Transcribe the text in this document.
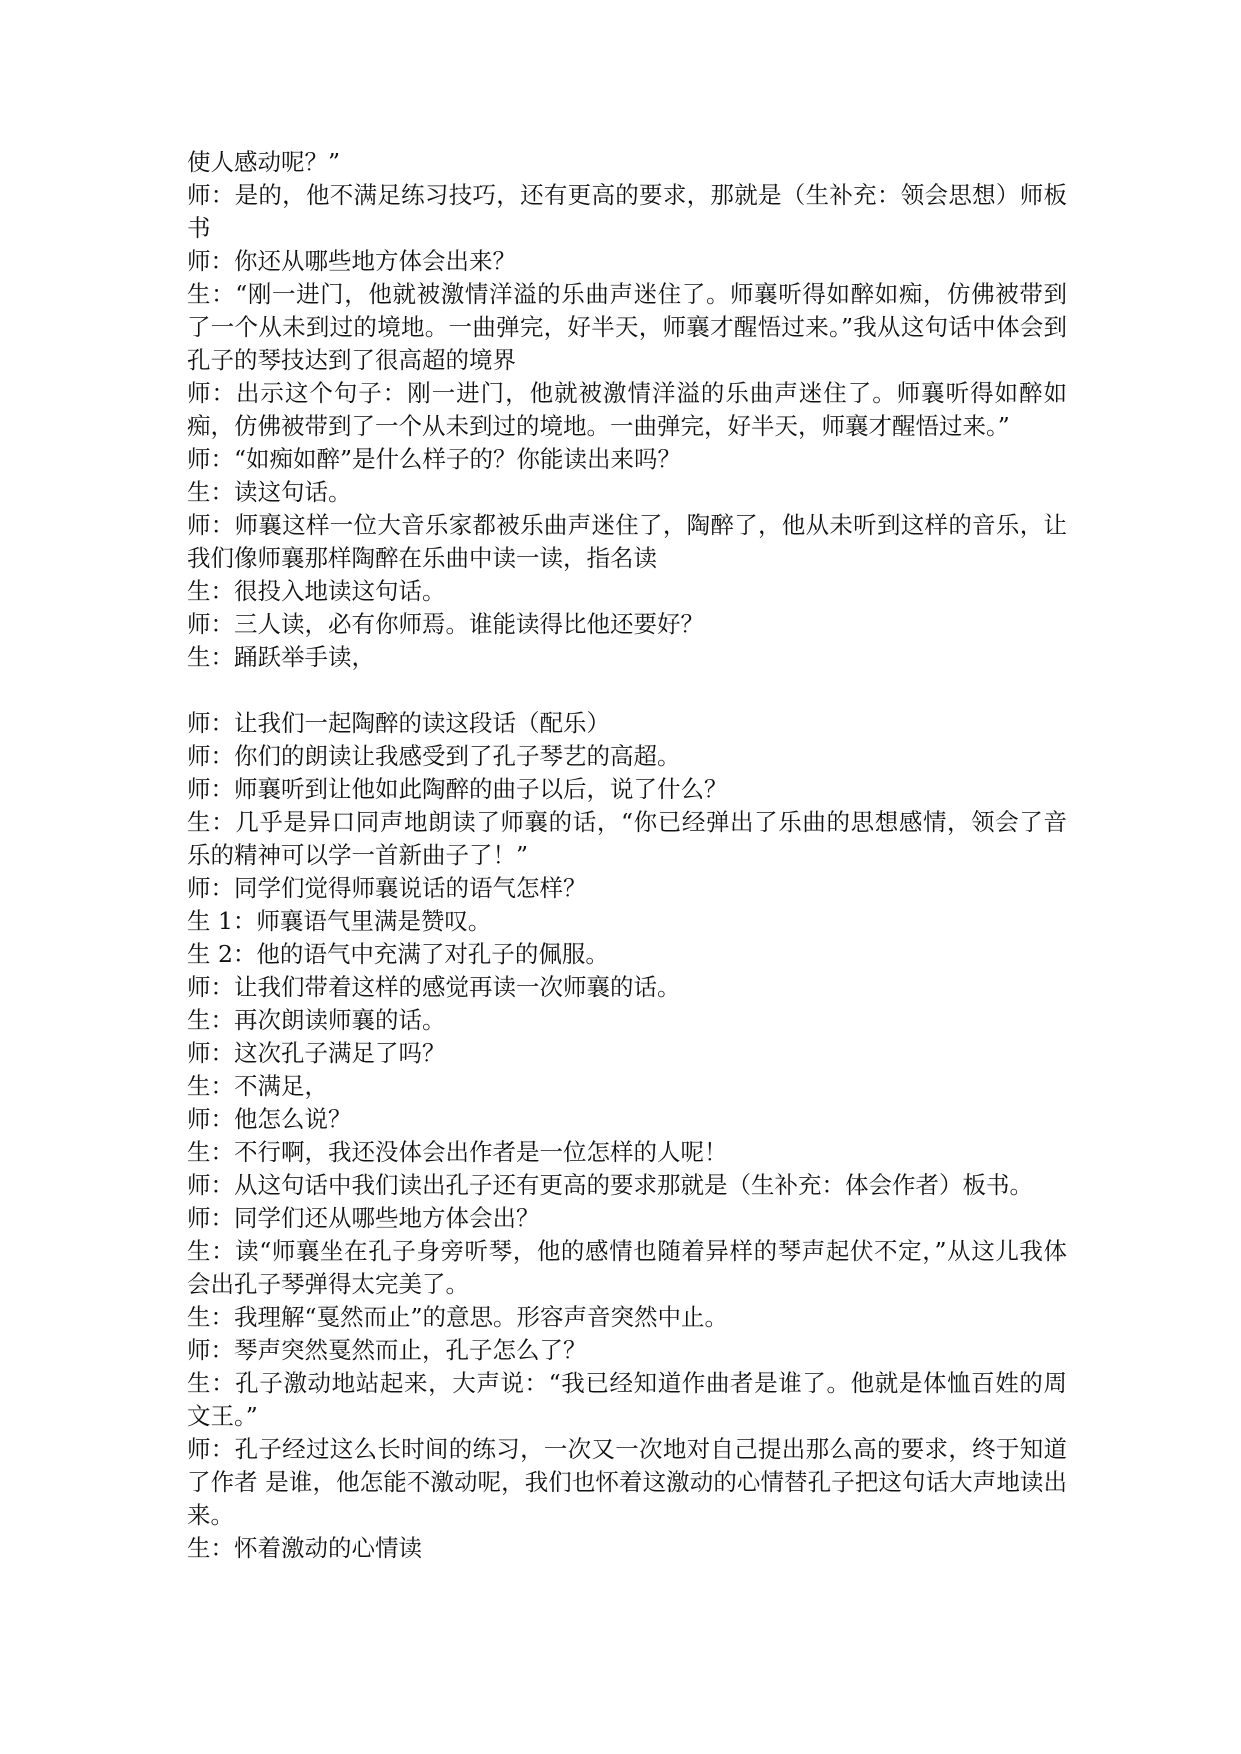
使人感动呢？”

师：是的，他不满足练习技巧，还有更高的要求，那就是（生补充：领会思想）师板书

师：你还从哪些地方体会出来？

生：“刚一进门，他就被激情洋溢的乐曲声迷住了。师襄听得如醉如痴，仿佛被带到了一个从未到过的境地。一曲弹完，好半天，师襄才醒悟过来。”我从这句话中体会到孔子的琴技达到了很高超的境界

师：出示这个句子：刚一进门，他就被激情洋溢的乐曲声迷住了。师襄听得如醉如痴，仿佛被带到了一个从未到过的境地。一曲弹完，好半天，师襄才醒悟过来。”

师：“如痴如醉”是什么样子的？你能读出来吗？

生：读这句话。

师：师襄这样一位大音乐家都被乐曲声迷住了，陶醉了，他从未听到这样的音乐，让我们像师襄那样陶醉在乐曲中读一读，指名读

生：很投入地读这句话。

师：三人读，必有你师焉。谁能读得比他还要好？

生：踊跃举手读，

师：让我们一起陶醉的读这段话（配乐）

师：你们的朗读让我感受到了孔子琴艺的高超。

师：师襄听到让他如此陶醉的曲子以后，说了什么？

生：几乎是异口同声地朗读了师襄的话，“你已经弹出了乐曲的思想感情，领会了音乐的精神可以学一首新曲子了！”

师：同学们觉得师襄说话的语气怎样？

生 1：师襄语气里满是赞叹。

生 2：他的语气中充满了对孔子的佩服。

师：让我们带着这样的感觉再读一次师襄的话。

生：再次朗读师襄的话。

师：这次孔子满足了吗？

生：不满足，

师：他怎么说？

生：不行啊，我还没体会出作者是一位怎样的人呢！

师：从这句话中我们读出孔子还有更高的要求那就是（生补充：体会作者）板书。

师：同学们还从哪些地方体会出？

生：读“师襄坐在孔子身旁听琴，他的感情也随着异样的琴声起伏不定，”从这儿我体会出孔子琴弹得太完美了。

生：我理解“戛然而止”的意思。形容声音突然中止。

师：琴声突然戛然而止，孔子怎么了？

生：孔子激动地站起来，大声说：“我已经知道作曲者是谁了。他就是体恤百姓的周文王。”

师：孔子经过这么长时间的练习，一次又一次地对自己提出那么高的要求，终于知道了作者 是谁，他怎能不激动呢，我们也怀着这激动的心情替孔子把这句话大声地读出来。

生：怀着激动的心情读
